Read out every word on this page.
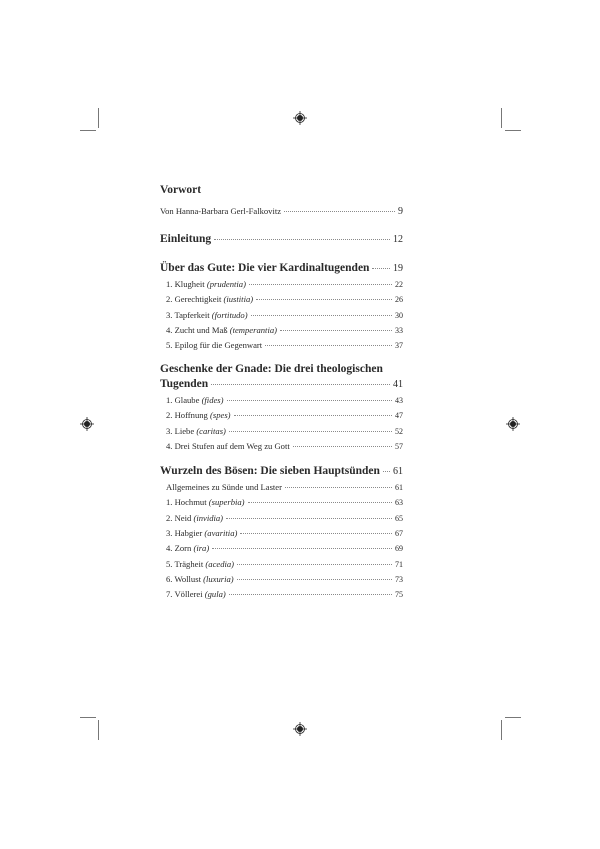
Vorwort
Von Hanna-Barbara Gerl-Falkovitz	9
Einleitung	12
Über das Gute: Die vier Kardinaltugenden 19
1. Klugheit (prudentia)	22
2. Gerechtigkeit (iustitia)	26
3. Tapferkeit (fortitudo)	30
4. Zucht und Maß (temperantia)	33
5. Epilog für die Gegenwart	37
Geschenke der Gnade: Die drei theologischen
Tugenden	41
1. Glaube (fides)	43
2. Hoffnung (spes)	47
3. Liebe (caritas)	52
4. Drei Stufen auf dem Weg zu Gott	57
Wurzeln des Bösen: Die sieben Hauptsünden 61
Allgemeines zu Sünde und Laster	61
1. Hochmut (superbia)	63
2. Neid (invidia)	65
3. Habgier (avaritia)	67
4. Zorn (ira)	69
5. Trägheit (acedia)	71
6. Wollust (luxuria)	73
7. Völlerei (gula)	75
